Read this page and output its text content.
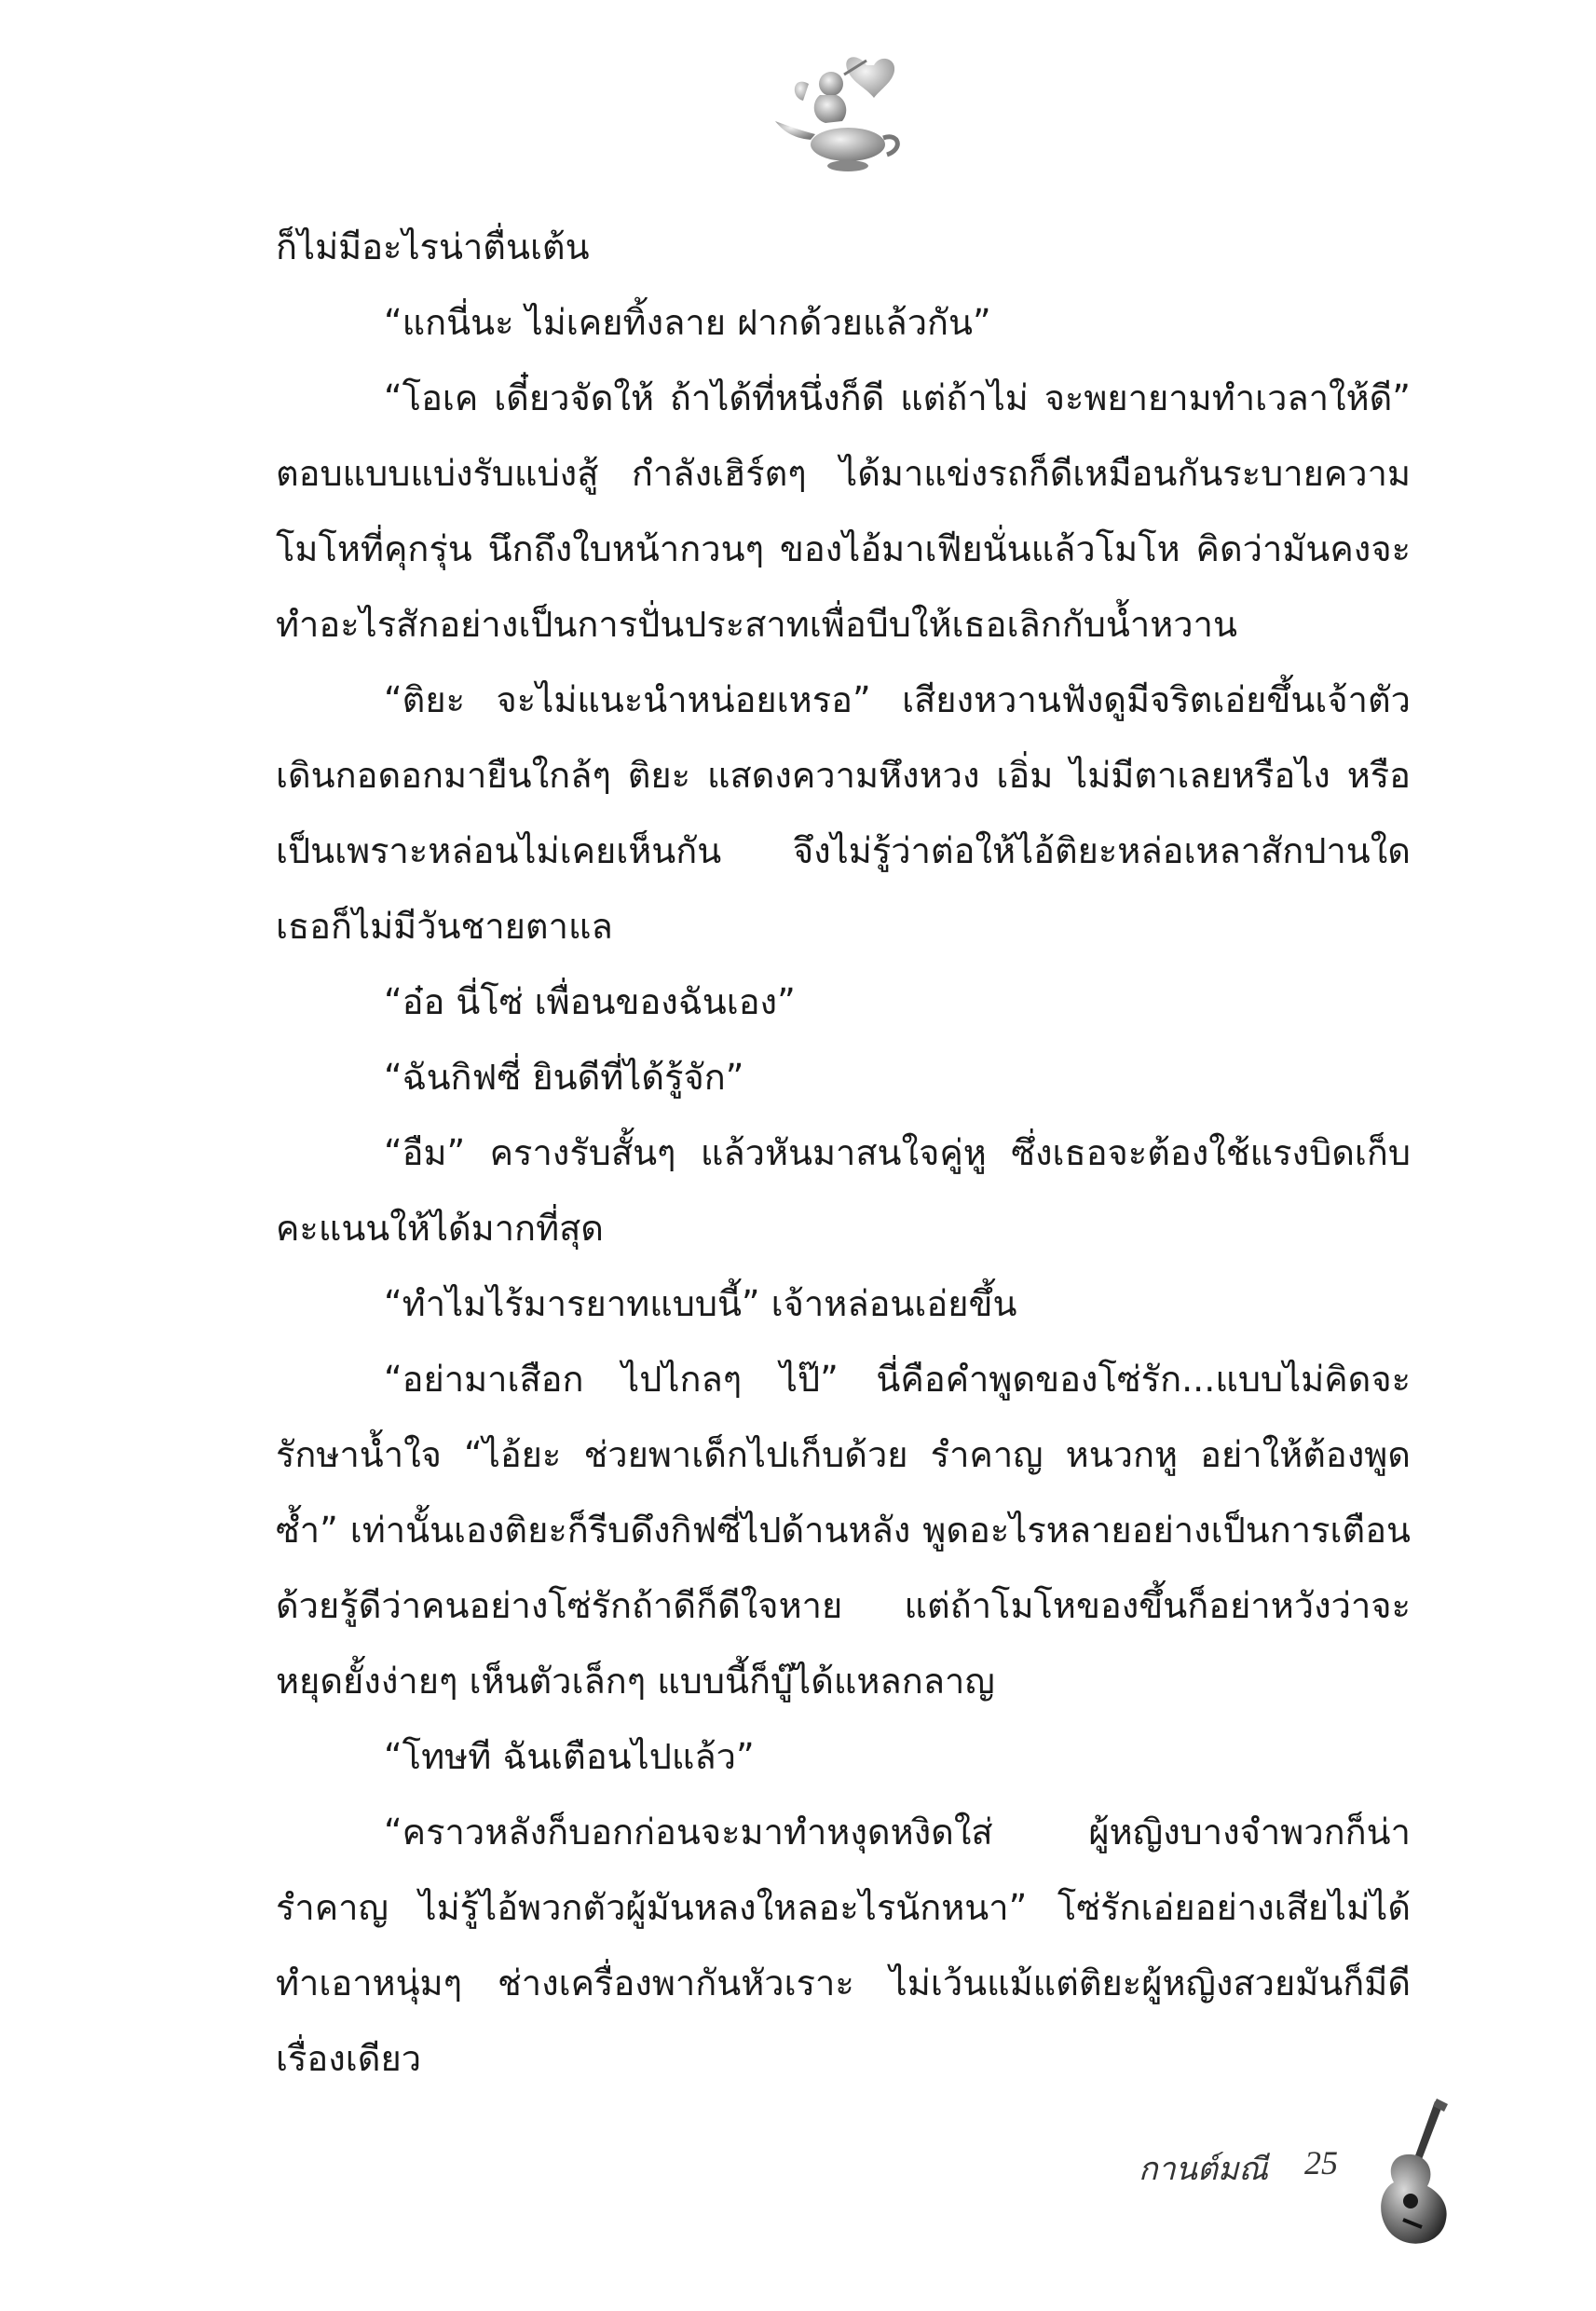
ก็ไม่มีอะไรน่าตื่นเต้น

“แกนี่นะ ไม่เคยทิ้งลาย ฝากด้วยแล้วกัน”

“โอเค เดี๋ยวจัดให้ ถ้าได้ที่หนึ่งก็ดี แต่ถ้าไม่ จะพยายามทำเวลาให้ดี” ตอบแบบแบ่งรับแบ่งสู้ กำลังเฮิร์ตๆ ได้มาแข่งรถก็ดีเหมือนกันระบายความโมโหที่คุกรุ่น นึกถึงใบหน้ากวนๆ ของไอ้มาเฟียนั่นแล้วโมโห คิดว่ามันคงจะทำอะไรสักอย่างเป็นการปั่นประสาทเพื่อบีบให้เธอเลิกกับน้ำหวาน

“ติยะ จะไม่แนะนำหน่อยเหรอ” เสียงหวานฟังดูมีจริตเอ่ยขึ้นเจ้าตัวเดินกอดอกมายืนใกล้ๆ ติยะ แสดงความหึงหวง เอิ่ม ไม่มีตาเลยหรือไง หรือเป็นเพราะหล่อนไม่เคยเห็นกัน จึงไม่รู้ว่าต่อให้ไอ้ติยะหล่อเหลาสักปานใด เธอก็ไม่มีวันชายตาแล

“อ๋อ นี่โซ่ เพื่อนของฉันเอง”

“ฉันกิฟซี่ ยินดีที่ได้รู้จัก”

“อืม” ครางรับสั้นๆ แล้วหันมาสนใจคู่หู ซึ่งเธอจะต้องใช้แรงบิดเก็บคะแนนให้ได้มากที่สุด

“ทำไมไร้มารยาทแบบนี้” เจ้าหล่อนเอ่ยขึ้น

“อย่ามาเสือก ไปไกลๆ ไป๊” นี่คือคำพูดของโซ่รัก...แบบไม่คิดจะรักษาน้ำใจ “ไอ้ยะ ช่วยพาเด็กไปเก็บด้วย รำคาญ หนวกหู อย่าให้ต้องพูดซ้ำ” เท่านั้นเองติยะก็รีบดึงกิฟซี่ไปด้านหลัง พูดอะไรหลายอย่างเป็นการเตือน ด้วยรู้ดีว่าคนอย่างโซ่รักถ้าดีก็ดีใจหาย แต่ถ้าโมโหของขึ้นก็อย่าหวังว่าจะหยุดยั้งง่ายๆ เห็นตัวเล็กๆ แบบนี้ก็บู๊ได้แหลกลาญ

“โทษที ฉันเตือนไปแล้ว”

“คราวหลังก็บอกก่อนจะมาทำหงุดหงิดใส่ ผู้หญิงบางจำพวกก็น่ารำคาญ ไม่รู้ไอ้พวกตัวผู้มันหลงใหลอะไรนักหนา” โซ่รักเอ่ยอย่างเสียไม่ได้ ทำเอาหนุ่มๆ ช่างเครื่องพากันหัวเราะ ไม่เว้นแม้แต่ติยะผู้หญิงสวยมันก็มีดีเรื่องเดียว

กานต์มณี 25
